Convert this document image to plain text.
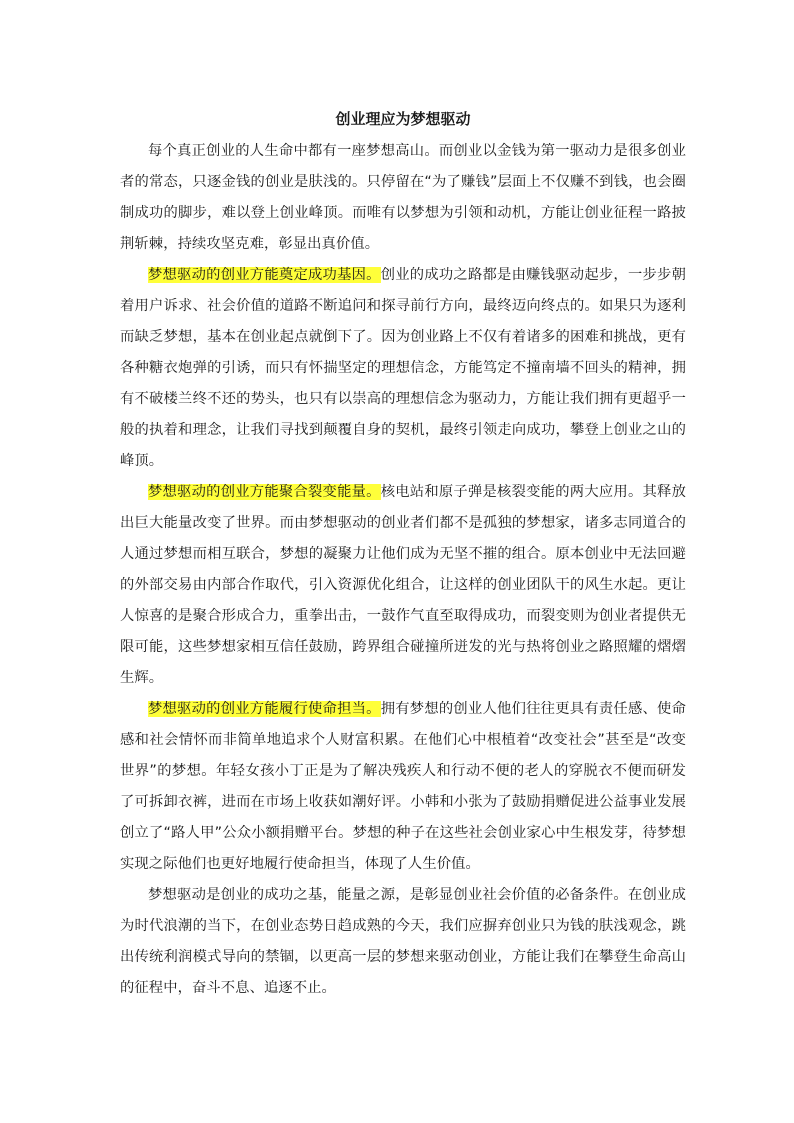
创业理应为梦想驱动

每个真正创业的人生命中都有一座梦想高山。而创业以金钱为第一驱动力是很多创业者的常态，只逐金钱的创业是肤浅的。只停留在“为了赚钱”层面上不仅赚不到钱，也会圈制成功的脚步，难以登上创业峰顶。而唯有以梦想为引领和动机，方能让创业征程一路披荆斩棘，持续攻坚克难，彰显出真价值。

梦想驱动的创业方能奠定成功基因。创业的成功之路都是由赚钱驱动起步，一步步朝着用户诉求、社会价值的道路不断追问和探寻前行方向，最终迈向终点的。如果只为逐利而缺乏梦想，基本在创业起点就倒下了。因为创业路上不仅有着诸多的困难和挑战，更有各种糖衣炮弹的引诱，而只有怀揣坚定的理想信念，方能笃定不撞南墙不回头的精神，拥有不破楼兰终不还的势头，也只有以崇高的理想信念为驱动力，方能让我们拥有更超乎一般的执着和理念，让我们寻找到颠覆自身的契机，最终引领走向成功，攀登上创业之山的峰顶。

梦想驱动的创业方能聚合裂变能量。核电站和原子弹是核裂变能的两大应用。其释放出巨大能量改变了世界。而由梦想驱动的创业者们都不是孤独的梦想家，诸多志同道合的人通过梦想而相互联合，梦想的凝聚力让他们成为无坚不摧的组合。原本创业中无法回避的外部交易由内部合作取代，引入资源优化组合，让这样的创业团队干的风生水起。更让人惊喜的是聚合形成合力，重拳出击，一鼓作气直至取得成功，而裂变则为创业者提供无限可能，这些梦想家相互信任鼓励，跨界组合碰撞所迸发的光与热将创业之路照耀的熠熠生辉。

梦想驱动的创业方能履行使命担当。拥有梦想的创业人他们往往更具有责任感、使命感和社会情怀而非简单地追求个人财富积累。在他们心中根植着“改变社会”甚至是“改变世界”的梦想。年轻女孩小丁正是为了解决残疾人和行动不便的老人的穿脱衣不便而研发了可拆卸衣裤，进而在市场上收获如潮好评。小韩和小张为了鼓励捐赠促进公益事业发展创立了“路人甲”公众小额捐赠平台。梦想的种子在这些社会创业家心中生根发芽，待梦想实现之际他们也更好地履行使命担当，体现了人生价值。

梦想驱动是创业的成功之基，能量之源，是彰显创业社会价值的必备条件。在创业成为时代浪潮的当下，在创业态势日趋成熟的今天，我们应摒弃创业只为钱的肤浅观念，跳出传统利润模式导向的禁锢，以更高一层的梦想来驱动创业，方能让我们在攀登生命高山的征程中，奋斗不息、追逐不止。
